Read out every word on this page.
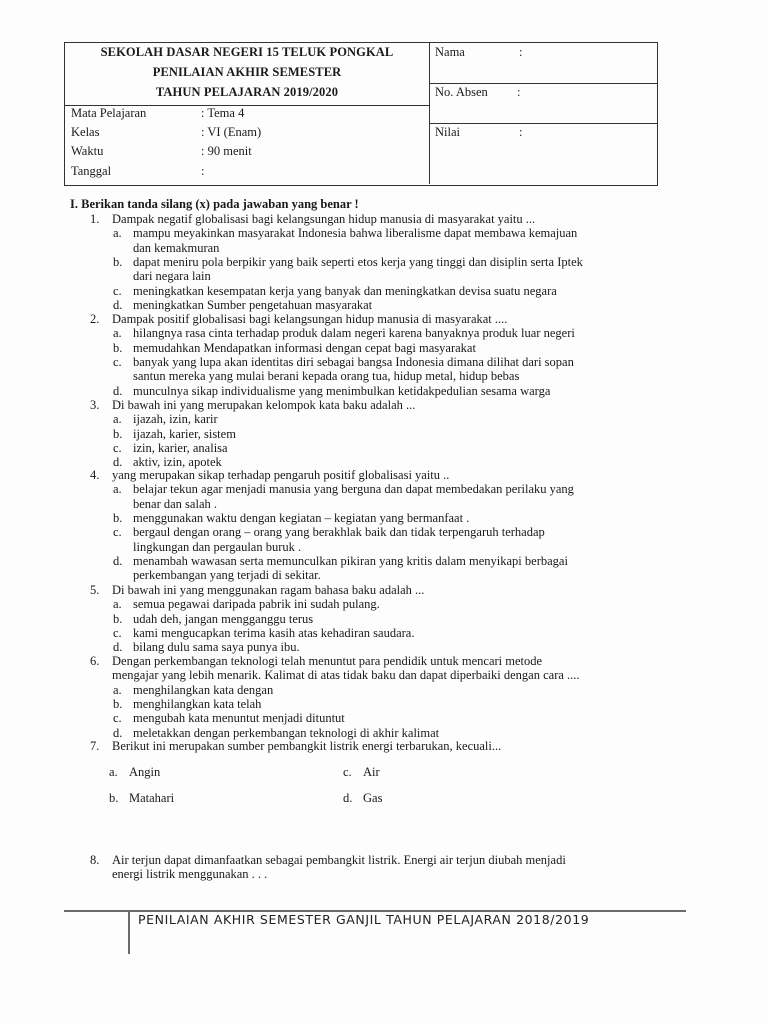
SEKOLAH DASAR NEGERI 15 TELUK PONGKAL
PENILAIAN AKHIR SEMESTER
TAHUN PELAJARAN 2019/2020
Mata Pelajaran	: Tema 4
Kelas	: VI (Enam)
Waktu	: 90 menit
Tanggal	:
Nama	:
No. Absen	:
Nilai	:
I. Berikan tanda silang (x) pada jawaban yang benar !
1. Dampak negatif globalisasi bagi kelangsungan hidup manusia di masyarakat yaitu ...
a. mampu meyakinkan masyarakat Indonesia bahwa liberalisme dapat membawa kemajuan
dan kemakmuran
b. dapat meniru pola berpikir yang baik seperti etos kerja yang tinggi dan disiplin serta Iptek
dari negara lain
c. meningkatkan kesempatan kerja yang banyak dan meningkatkan devisa suatu negara
d. meningkatkan Sumber pengetahuan masyarakat
2. Dampak positif globalisasi bagi kelangsungan hidup manusia di masyarakat ....
a. hilangnya rasa cinta terhadap produk dalam negeri karena banyaknya produk luar negeri
b. memudahkan Mendapatkan informasi dengan cepat bagi masyarakat
c. banyak yang lupa akan identitas diri sebagai bangsa Indonesia dimana dilihat dari sopan
santun mereka yang mulai berani kepada orang tua, hidup metal, hidup bebas
d. munculnya sikap individualisme yang menimbulkan ketidakpedulian sesama warga
3. Di bawah ini yang merupakan kelompok kata baku adalah ...
a. ijazah, izin, karir
b. ijazah, karier, sistem
c. izin, karier, analisa
d. aktiv, izin, apotek
4. yang merupakan sikap terhadap pengaruh positif globalisasi yaitu ..
a. belajar tekun agar menjadi manusia yang berguna dan dapat membedakan perilaku yang
benar dan salah .
b. menggunakan waktu dengan kegiatan – kegiatan yang bermanfaat .
c. bergaul dengan orang – orang yang berakhlak baik dan tidak terpengaruh terhadap
lingkungan dan pergaulan buruk .
d. menambah wawasan serta memunculkan pikiran yang kritis dalam menyikapi berbagai
perkembangan yang terjadi di sekitar.
5. Di bawah ini yang menggunakan ragam bahasa baku adalah ...
a. semua pegawai daripada pabrik ini sudah pulang.
b. udah deh, jangan mengganggu terus
c. kami mengucapkan terima kasih atas kehadiran saudara.
d. bilang dulu sama saya punya ibu.
6. Dengan perkembangan teknologi telah menuntut para pendidik untuk mencari metode
mengajar yang lebih menarik. Kalimat di atas tidak baku dan dapat diperbaiki dengan cara ....
a. menghilangkan kata dengan
b. menghilangkan kata telah
c. mengubah kata menuntut menjadi dituntut
d. meletakkan dengan perkembangan teknologi di akhir kalimat
7. Berikut ini merupakan sumber pembangkit listrik energi terbarukan, kecuali...
a. Angin
b. Matahari
c. Air
d. Gas
8. Air terjun dapat dimanfaatkan sebagai pembangkit listrik. Energi air terjun diubah menjadi
energi listrik menggunakan . . .
PENILAIAN AKHIR SEMESTER GANJIL TAHUN PELAJARAN 2018/2019
